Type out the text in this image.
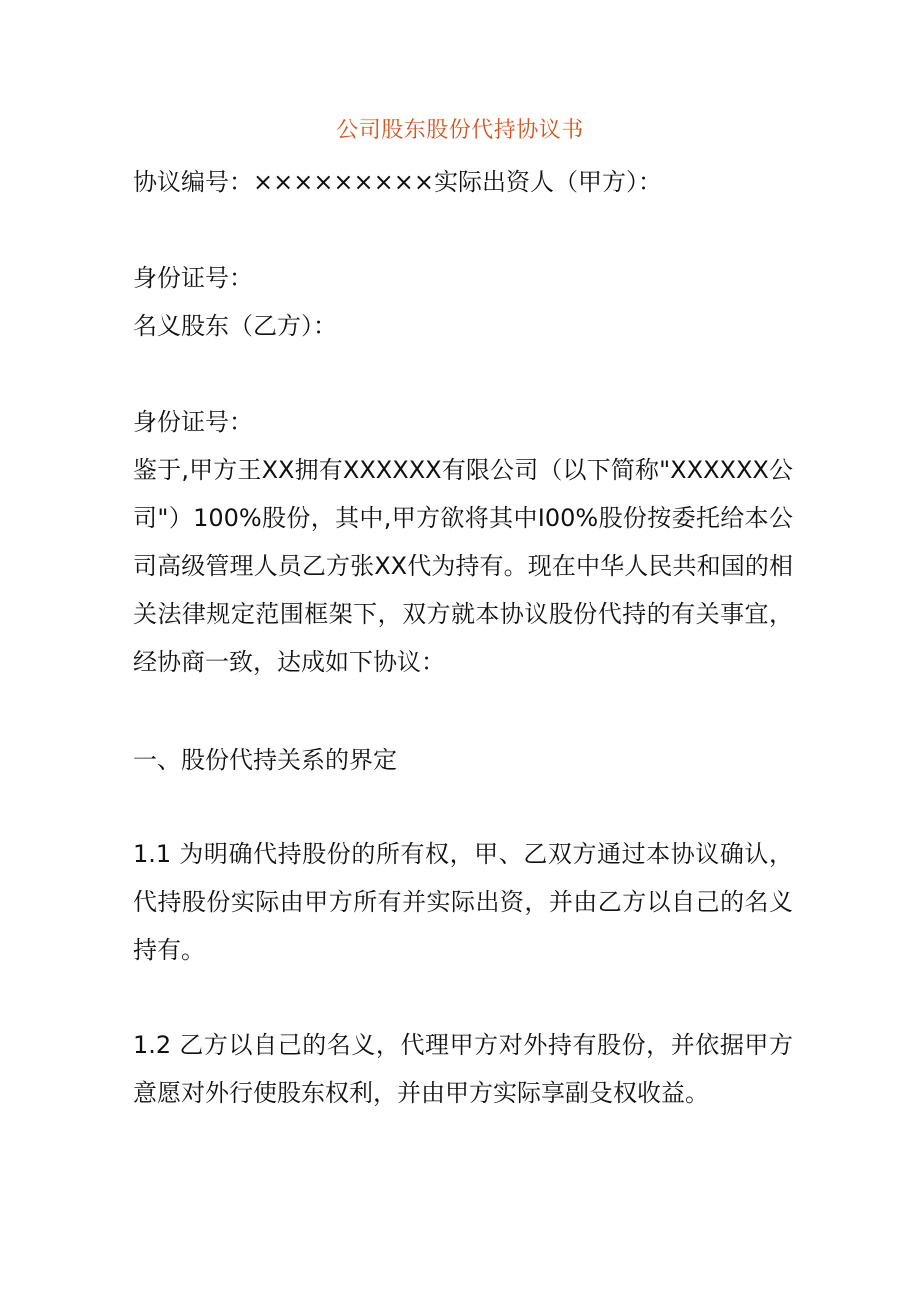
公司股东股份代持协议书
协议编号：×××××××××实际出资人（甲方）：
身份证号：
名义股东（乙方）：
身份证号：
鉴于,甲方王XX拥有XXXXXX有限公司（以下简称"XXXXXX公司"）100%股份，其中,甲方欲将其中I00%股份按委托给本公司高级管理人员乙方张XX代为持有。现在中华人民共和国的相关法律规定范围框架下，双方就本协议股份代持的有关事宜，经协商一致，达成如下协议：
一、股份代持关系的界定
1.1 为明确代持股份的所有权，甲、乙双方通过本协议确认，代持股份实际由甲方所有并实际出资，并由乙方以自己的名义持有。
1.2 乙方以自己的名义，代理甲方对外持有股份，并依据甲方意愿对外行使股东权利，并由甲方实际享副殳权收益。
